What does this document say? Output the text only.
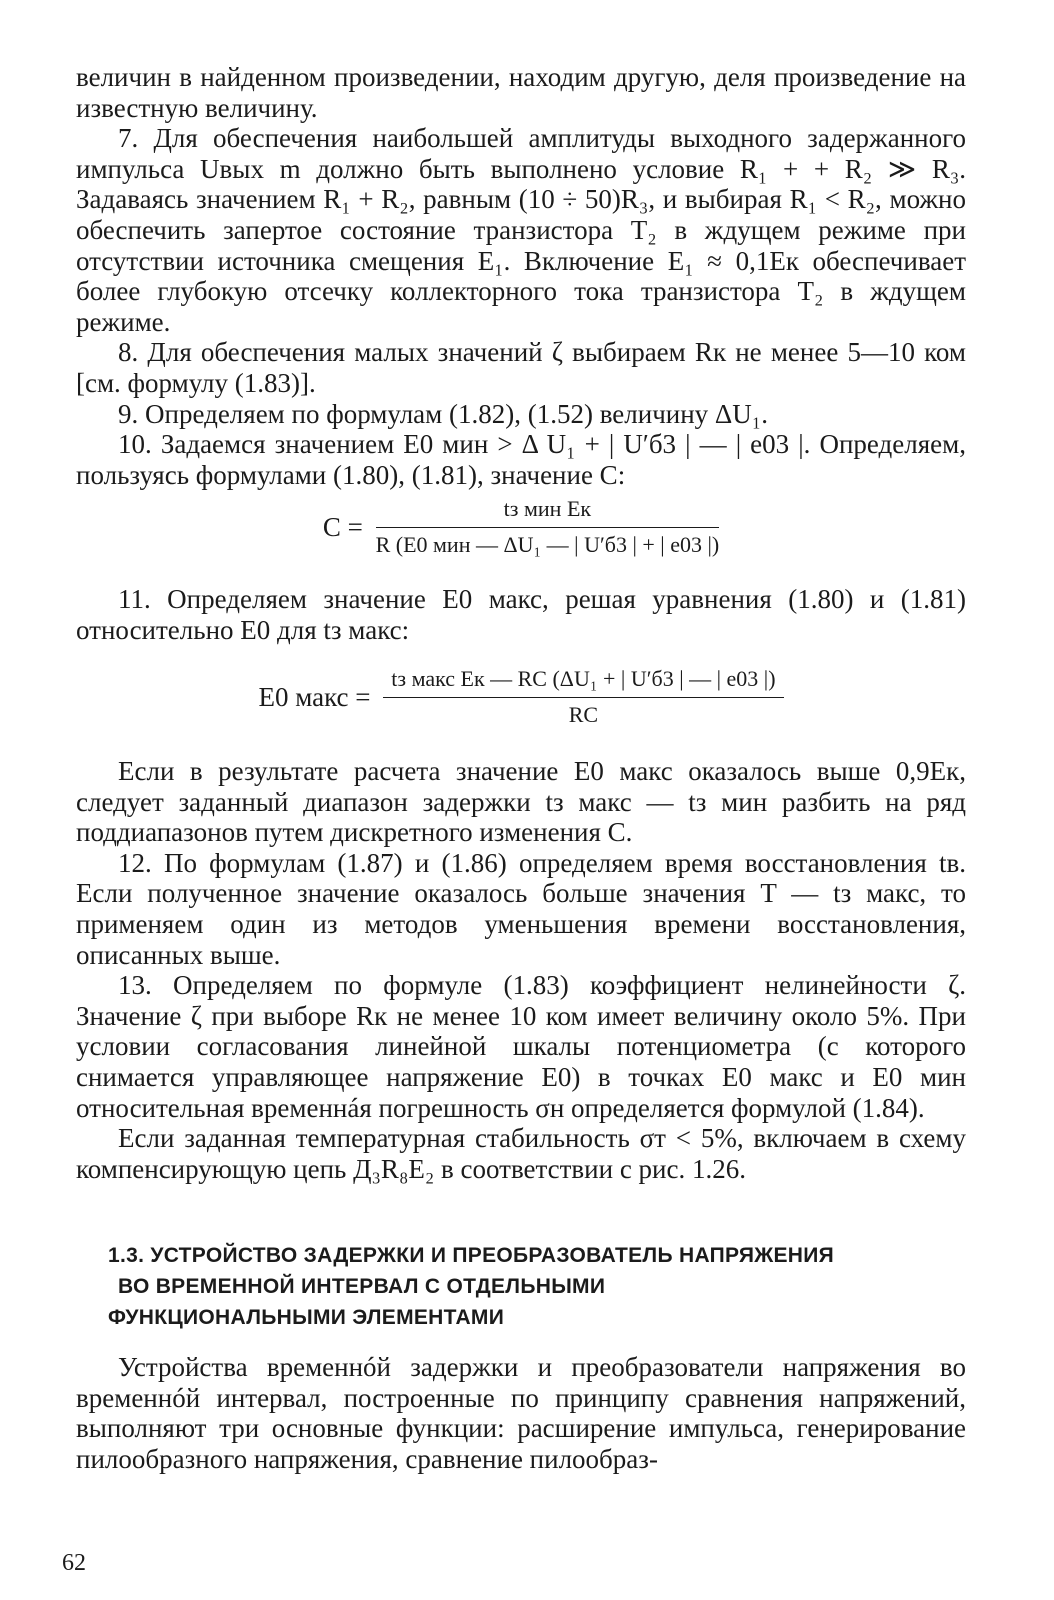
величин в найденном произведении, находим другую, деля произведение на известную величину.

7. Для обеспечения наибольшей амплитуды выходного задержанного импульса Uвых m должно быть выполнено условие R₁ + + R₂ ≫ R₃. Задаваясь значением R₁ + R₂, равным (10 ÷ 50)R₃, и выбирая R₁ < R₂, можно обеспечить запертое состояние транзистора Т₂ в ждущем режиме при отсутствии источника смещения E₁. Включение E₁ ≈ 0,1Eк обеспечивает более глубокую отсечку коллекторного тока транзистора Т₂ в ждущем режиме.

8. Для обеспечения малых значений ζ выбираем Rк не менее 5—10 ком [см. формулу (1.83)].

9. Определяем по формулам (1.82), (1.52) величину ΔU₁.

10. Задаемся значением E0 мин > Δ U₁ + | U′б3 | — | e03 |. Определяем, пользуясь формулами (1.80), (1.81), значение C:

$C = \frac{\text{tз мин Eк}}{\text{R (E0 мин — ΔU₁ — | U′б3 | + | e03 |)}}$

11. Определяем значение E0 макс, решая уравнения (1.80) и (1.81) относительно E0 для tз макс:

E0 макс = $\frac{\text{tз макс Eк — RC (ΔU₁ + | U′б3 | — | e03 |)}}{RC}$

Если в результате расчета значение E0 макс оказалось выше 0,9Eк, следует заданный диапазон задержки tз макс — tз мин разбить на ряд поддиапазонов путем дискретного изменения C.

12. По формулам (1.87) и (1.86) определяем время восстановления tв. Если полученное значение оказалось больше значения T — tз макс, то применяем один из методов уменьшения времени восстановления, описанных выше.

13. Определяем по формуле (1.83) коэффициент нелинейности ζ. Значение ζ при выборе Rк не менее 10 ком имеет величину около 5%. При условии согласования линейной шкалы потенциометра (с которого снимается управляющее напряжение E0) в точках E0 макс и E0 мин относительная временнáя погрешность σн определяется формулой (1.84).

Если заданная температурная стабильность σт < 5%, включаем в схему компенсирующую цепь Д₃R₈E₂ в соответствии с рис. 1.26.

1.3. УСТРОЙСТВО ЗАДЕРЖКИ И ПРЕОБРАЗОВАТЕЛЬ НАПРЯЖЕНИЯ
ВО ВРЕМЕННОЙ ИНТЕРВАЛ С ОТДЕЛЬНЫМИ
ФУНКЦИОНАЛЬНЫМИ ЭЛЕМЕНТАМИ

Устройства временнóй задержки и преобразователи напряжения во временнóй интервал, построенные по принципу сравнения напряжений, выполняют три основные функции: расширение импульса, генерирование пилообразного напряжения, сравнение пилообраз-

62
